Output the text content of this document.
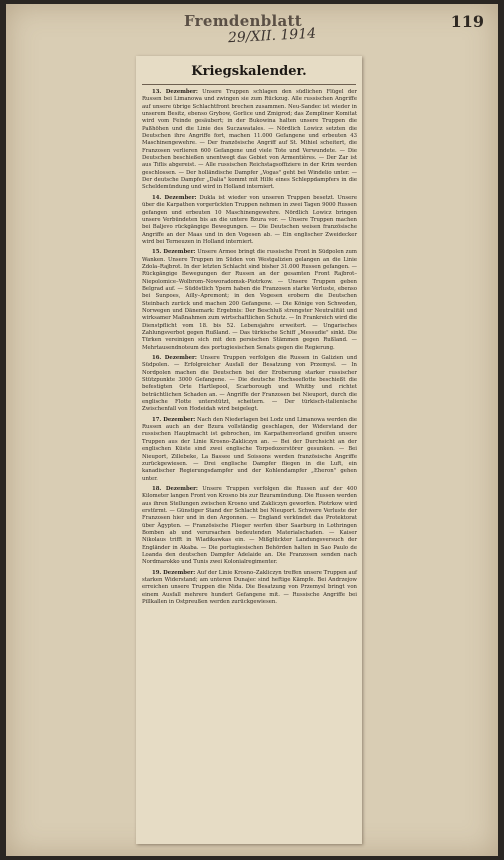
Fremdenblatt
29/XII. 1914
119
Kriegskalender.

13. Dezember: Unsere Truppen schlagen den südlichen Flügel der Russen bei Limanowa und zwingen sie zum Rückzug. Alle russischen Angriffe auf unsere übrige Schlachtfront brechen zusammen. Neu-Sandec ist wieder in unserem Besitz, ebenso Grybow, Gorlice und Zmigrod; das Zempliner Komitat wird vom Feinde gesäubert; in der Bukowina halten unsere Truppen die Paßhöhen und die Linie des Suczawatales. — Nördlich Lowicz setzten die Deutschen ihre Angriffe fort, machen 11.000 Gefangene und erbeuten 43 Maschinengewehre. — Der französische Angriff auf St. Mihiel scheitert, die Franzosen verlieren 600 Gefangene und viele Tote und Verwundete. — Die Deutschen beschießen unentwegt das Gebiet von Armentières. — Der Zar ist aus Tiflis abgereist. — Alle russischen Reichstagsoffiziere in der Krim werden geschlossen. — Der holländische Dampfer „Vogas" geht bei Windelio unter. — Der deutsche Dampfer „Dalia" kommt mit Hilfe eines Schleppdampfers in die Scheldemündung und wird in Holland interniert.

14. Dezember: Dukla ist wieder von unseren Truppen besetzt. Unsere über die Karpathen vorgerückten Truppen nehmen in zwei Tagen 9000 Russen gefangen und erbeuten 10 Maschinengewehre. Nördlich Lowicz bringen unsere Verbündeten bis an die untere Bzura vor. — Unsere Truppen machen bei Baljevo rückgängige Bewegungen. — Die Deutschen weisen französische Angriffe an der Maas und in den Vogesen ab. — Ein englischer Zweidecker wird bei Terneuzen in Holland interniert.

15. Dezember: Unsere Armee bringt die russische Front in Südpolen zum Wanken. Unsere Truppen im Süden von Westgalizien gelangen an die Linie Zdola–Rajbrot. In der letzten Schlacht sind bisher 31.000 Russen gefangen. — Rückgängige Bewegungen der Russen an der gesamten Front Rajbrot–Niepolomice–Wolbrom–Noworadomsk–Piotrkow. — Unsere Truppen geben Belgrad auf. — Südöstlich Ypern haben die Franzosen starke Verluste, ebenso bei Sunpoes, Ailly–Apremont; in den Vogesen erobern die Deutschen Steinbach zurück und machen 200 Gefangene. — Die Könige von Schweden, Norwegen und Dänemark: Ergebnis: Der Beschluß strengster Neutralität und wirksamer Maßnahmen zum wirtschaftlichen Schutz. — In Frankreich wird die Dienstpflicht vom 18. bis 52. Lebensjahre erweitert. — Ungarisches Zahlungsverbot gegen Rußland. — Das türkische Schiff „Messudie" sinkt. Die Türken vereinigen sich mit den persischen Stämmen gegen Rußland. — Mehrtausendnoteum des portugiesischen Senats gegen die Regierung.

16. Dezember: Unsere Truppen verfolgen die Russen in Galizien und Südpolen. — Erfolgreicher Ausfall der Besatzung von Przemysl. — In Nordpolen machen die Deutschen bei der Eroberung starker russischer Stützpunkte 3000 Gefangene. — Die deutsche Hochseeflotte beschießt die befestigten Orte Hartlepool, Scarborough und Whitby und richtet beträchtlichen Schaden an. — Angriffe der Franzosen bei Nieuport, durch die englische Flotte unterstützt, scheitern. — Der türkisch-italienische Zwischenfall von Hodeidah wird beigelegt.

17. Dezember: Nach den Niederlagen bei Lodz und Limanowa werden die Russen auch an der Bzura vollständig geschlagen, der Widerstand der russischen Hauptmacht ist gebrochen, im Karpathenvorland greifen unsere Truppen aus der Linie Krosno–Zakliczyn an. — Bei der Durchsicht an der englischen Küste sind zwei englische Torpedozerstörer gesunken. — Bei Nieuport, Zillebeke, La Bassee und Soissons werden französische Angriffe zurückgewiesen. — Drei englische Dampfer fliegen in die Luft, ein kanadischer Regierungsdampfer und der Kohlendampfer „Eheron" gehen unter.

18. Dezember: Unsere Truppen verfolgen die Russen auf der 400 Kilometer langen Front von Krosno bis zur Bzuramündung. Die Russen werden aus ihren Stellungen zwischen Krosno und Zakliczyn geworfen. Piotrkow wird erstürmt. — Günstiger Stand der Schlacht bei Nieuport. Schwere Verluste der Franzosen hier und in den Argonnen. — England verkündet das Protektorat über Ägypten. — Französische Flieger werfen über Saarburg in Lothringen Bomben ab und verursachen bedeutenden Materialschaden. — Kaiser Nikolaus trifft in Wladikawkas ein. — Mißglückter Landungsversuch der Engländer in Akaba. — Die portugiesischen Behörden halten in Sao Paulo de Loanda den deutschen Dampfer Adelaide an. Die Franzosen senden nach Nordmarokko und Tunis zwei Kolonialregimenter.

19. Dezember: Auf der Linie Krosno–Zakliczyn treffen unsere Truppen auf starken Widerstand; am unteren Dunajec sind heftige Kämpfe. Bei Andrzejow erreichen unsere Truppen die Nida. Die Besatzung von Przemysl bringt von einem Ausfall mehrere hundert Gefangene mit. — Russische Angriffe bei Pillkallen in Ostpreußen werden zurückgewiesen.
